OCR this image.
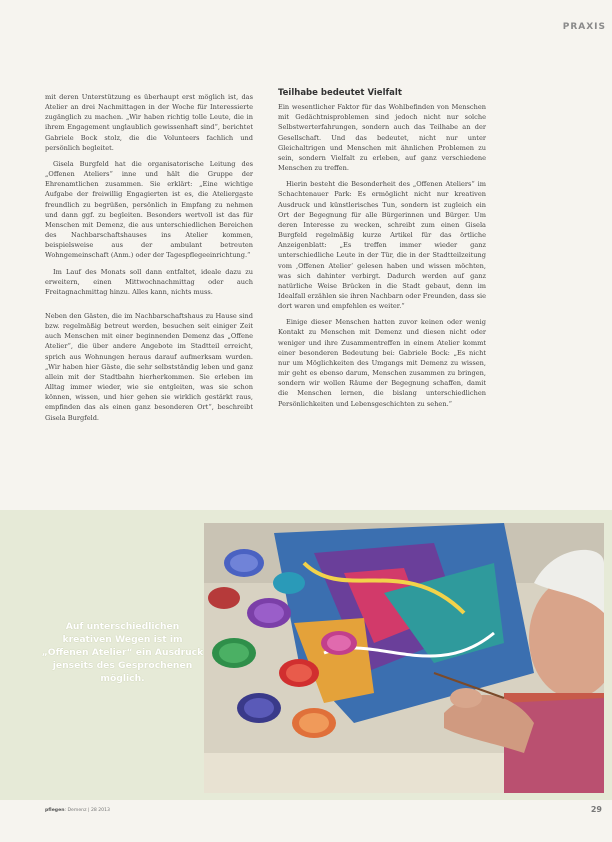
PRAXIS

mit deren Unterstützung es überhaupt erst möglich ist, das Atelier an drei Nachmittagen in der Woche für Interessierte zugänglich zu machen. „Wir haben richtig tolle Leute, die in ihrem Engagement unglaublich gewissenhaft sind“, berichtet Gabriele Bock stolz, die die Volunteers fachlich und persönlich begleitet.

Gisela Burgfeld hat die organisatorische Leitung des „Offenen Ateliers“ inne und hält die Gruppe der Ehrenamtlichen zusammen. Sie erklärt: „Eine wichtige Aufgabe der freiwillig Engagierten ist es, die Atelierga̲̲ste freundlich zu begrüßen, persönlich in Empfang zu nehmen und dann ggf. zu begleiten. Besonders wertvoll ist das für Menschen mit Demenz, die aus unterschiedlichen Bereichen des Nachbarschaftshauses ins Atelier kommen, beispielsweise aus der ambulant betreuten Wohngemeinschaft (Anm.) oder der Tagespflegeeinrichtung.“

Im Lauf des Monats soll dann entfaltet, ideale dazu zu erweitern, einen Mittwochnachmittag oder auch Freitagnachmittag hinzu. Alles kann, nichts muss.

Neben den Gästen, die im Nachbarschaftshaus zu Hause sind bzw. regelmäßig betreut werden, besuchen seit einiger Zeit auch Menschen mit einer beginnenden Demenz das „Offene Atelier“, die über andere Angebote im Stadtteil erreicht, sprich aus Wohnungen heraus darauf aufmerksam wurden. „Wir haben hier Gäste, die sehr selbstständig leben und ganz allein mit der Stadtbahn hierherkommen. Sie erleben im Alltag immer wieder, wie sie entgleiten, was sie schon können, wissen, und hier gehen sie wirklich gestärkt raus, empfinden das als einen ganz besonderen Ort“, beschreibt Gisela Burgfeld.

Teilhabe bedeutet Vielfalt

Ein wesentlicher Faktor für das Wohlbefinden von Menschen mit Gedächtnisproblemen sind jedoch nicht nur solche Selbstwerterfahrungen, sondern auch das Teilhabe an der Gesellschaft. Und das bedeutet, nicht nur unter Gleichaltrigen und Menschen mit ähnlichen Problemen zu sein, sondern Vielfalt zu erleben, auf ganz verschiedene Menschen zu treffen.

Hierin besteht die Besonderheit des „Offenen Ateliers“ im Schachtenauer Park: Es ermöglicht nicht nur kreativen Ausdruck und künstlerisches Tun, sondern ist zugleich ein Ort der Begegnung für alle Bürgerinnen und Bürger. Um deren Interesse zu wecken, schreibt zum einen Gisela Burgfeld regelmäßig kurze Artikel für das örtliche Anzeigenblatt: „Es treffen immer wieder ganz unterschiedliche Leute in der Tür, die in der Stadtteilzeitung vom ,Offenen Atelier‘ gelesen haben und wissen möchten, was sich dahinter verbirgt. Dadurch werden auf ganz natürliche Weise Brücken in die Stadt gebaut, denn im Idealfall erzählen sie ihren Nachbarn oder Freunden, dass sie dort waren und empfehlen es weiter.“

Einige dieser Menschen hatten zuvor keinen oder wenig Kontakt zu Menschen mit Demenz und diesen nicht oder weniger und ihre Zusammentreffen in einem Atelier kommt einer besonderen Bedeutung bei: Gabriele Bock: „Es nicht nur um Möglichkeiten des Umgangs mit Demenz zu wissen, mir geht es ebenso darum, Menschen zusammen zu bringen, sondern wir wollen Räume der Begegnung schaffen, damit die Menschen lernen, die bislang unterschiedlichen Persönlichkeiten und Lebensgeschichten zu sehen.“

Auf unterschiedlichen kreativen Wegen ist im „Offenen Atelier“ ein Ausdruck jenseits des Gesprochenen möglich.
pflegen: Demenz | 28 2013	29
